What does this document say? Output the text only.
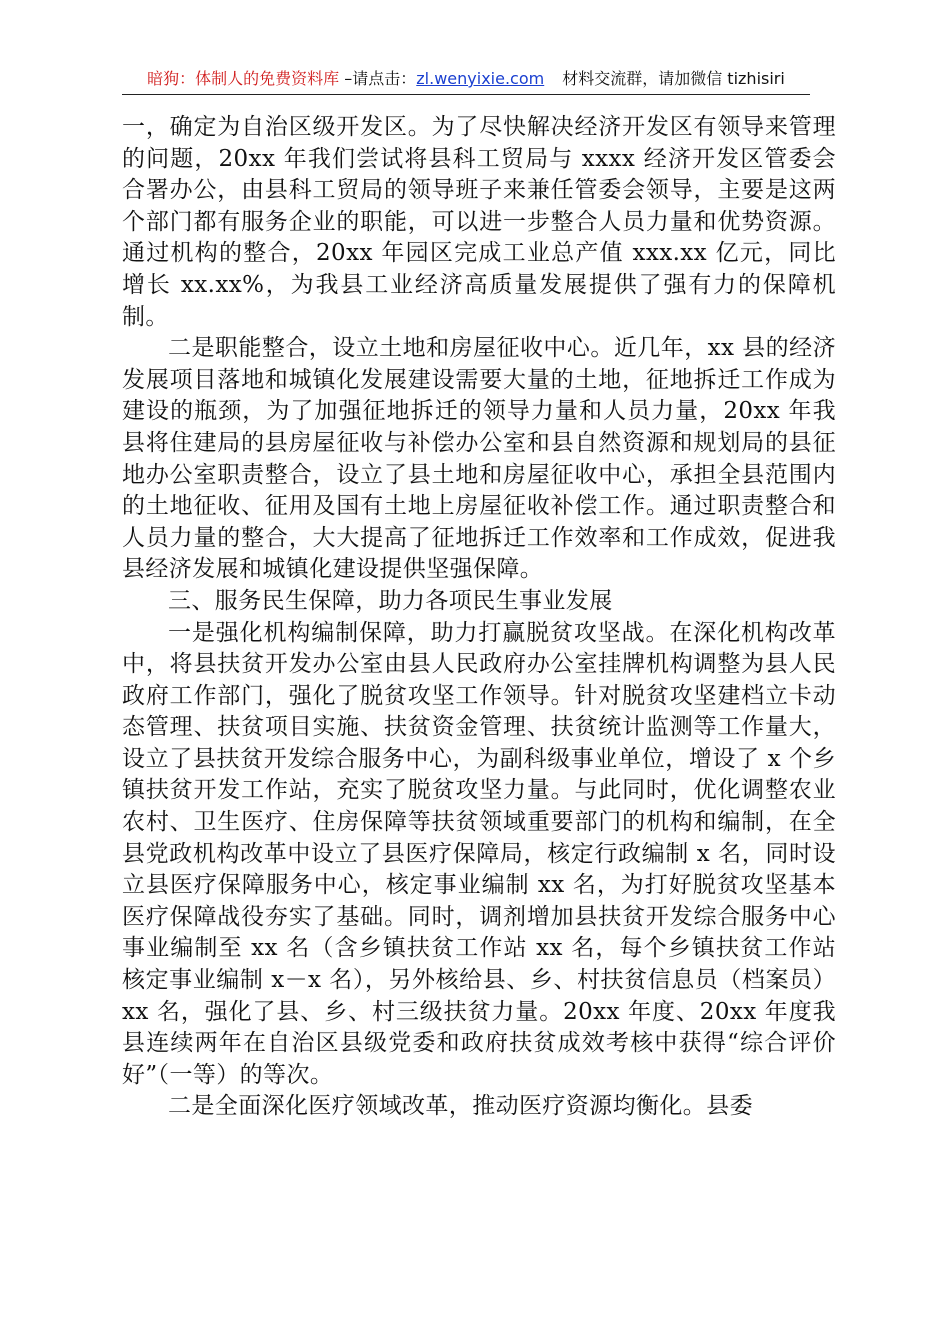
暗狗：体制人的免费资料库 –请点击：zl.wenyixie.com 材料交流群，请加微信 tizhisiri

一，确定为自治区级开发区。为了尽快解决经济开发区有领导来管理的问题，20xx 年我们尝试将县科工贸局与 xxxx 经济开发区管委会合署办公，由县科工贸局的领导班子来兼任管委会领导，主要是这两个部门都有服务企业的职能，可以进一步整合人员力量和优势资源。通过机构的整合，20xx 年园区完成工业总产值 xxx.xx 亿元，同比增长 xx.xx%，为我县工业经济高质量发展提供了强有力的保障机制。

二是职能整合，设立土地和房屋征收中心。近几年，xx 县的经济发展项目落地和城镇化发展建设需要大量的土地，征地拆迁工作成为建设的瓶颈，为了加强征地拆迁的领导力量和人员力量，20xx 年我县将住建局的县房屋征收与补偿办公室和县自然资源和规划局的县征地办公室职责整合，设立了县土地和房屋征收中心，承担全县范围内的土地征收、征用及国有土地上房屋征收补偿工作。通过职责整合和人员力量的整合，大大提高了征地拆迁工作效率和工作成效，促进我县经济发展和城镇化建设提供坚强保障。

三、服务民生保障，助力各项民生事业发展

一是强化机构编制保障，助力打赢脱贫攻坚战。在深化机构改革中，将县扶贫开发办公室由县人民政府办公室挂牌机构调整为县人民政府工作部门，强化了脱贫攻坚工作领导。针对脱贫攻坚建档立卡动态管理、扶贫项目实施、扶贫资金管理、扶贫统计监测等工作量大，设立了县扶贫开发综合服务中心，为副科级事业单位，增设了 x 个乡镇扶贫开发工作站，充实了脱贫攻坚力量。与此同时，优化调整农业农村、卫生医疗、住房保障等扶贫领域重要部门的机构和编制，在全县党政机构改革中设立了县医疗保障局，核定行政编制 x 名，同时设立县医疗保障服务中心，核定事业编制 xx 名，为打好脱贫攻坚基本医疗保障战役夯实了基础。同时，调剂增加县扶贫开发综合服务中心事业编制至 xx 名（含乡镇扶贫工作站 xx 名，每个乡镇扶贫工作站核定事业编制 x－x 名），另外核给县、乡、村扶贫信息员（档案员）xx 名，强化了县、乡、村三级扶贫力量。20xx 年度、20xx 年度我县连续两年在自治区县级党委和政府扶贫成效考核中获得“综合评价好”（一等）的等次。

二是全面深化医疗领域改革，推动医疗资源均衡化。县委
